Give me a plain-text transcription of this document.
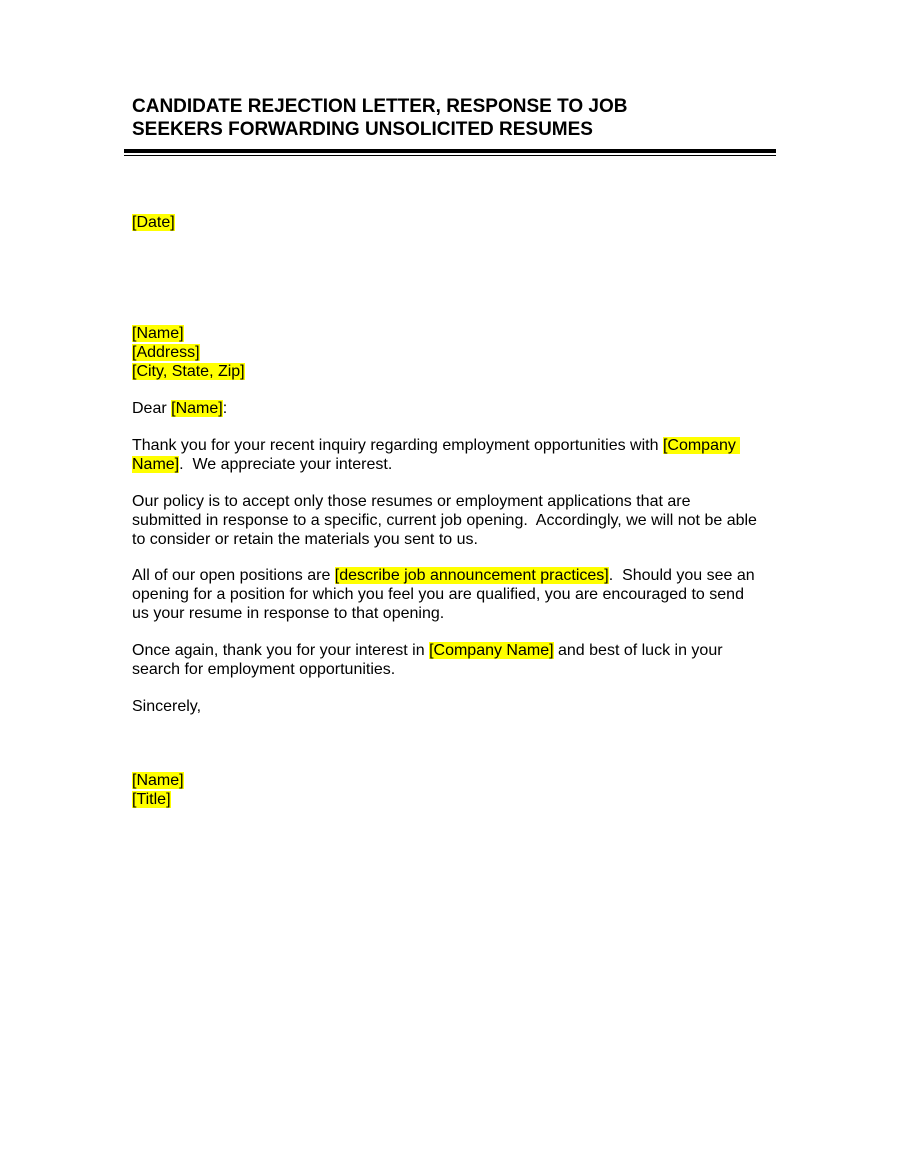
CANDIDATE REJECTION LETTER, RESPONSE TO JOB
SEEKERS FORWARDING UNSOLICITED RESUMES
[Date]
[Name]
[Address]
[City, State, Zip]
Dear [Name]:
Thank you for your recent inquiry regarding employment opportunities with [Company
Name].  We appreciate your interest.
Our policy is to accept only those resumes or employment applications that are
submitted in response to a specific, current job opening.  Accordingly, we will not be able
to consider or retain the materials you sent to us.
All of our open positions are [describe job announcement practices].  Should you see an
opening for a position for which you feel you are qualified, you are encouraged to send
us your resume in response to that opening.
Once again, thank you for your interest in [Company Name] and best of luck in your
search for employment opportunities.
Sincerely,
[Name]
[Title]
